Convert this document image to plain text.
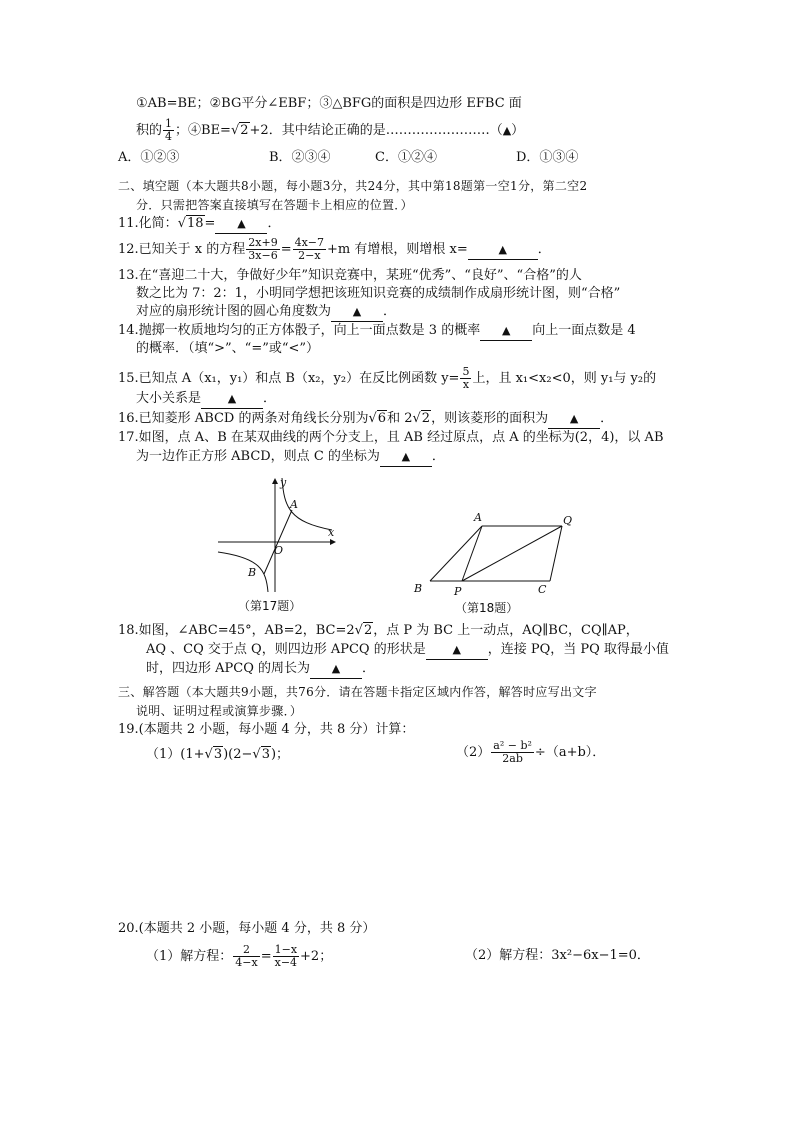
①AB=BE；②BG平分∠EBF；③△BFG的面积是四边形 EFBC 面
积的 $\frac{1}{4}$ ；④BE=√2+2．其中结论正确的是……………………（▲）
A．①②③	B．②③④	C．①②④	D．①③④
二、填空题（本大题共8小题，每小题3分，共24分，其中第18题第一空1分，第二空2
分．只需把答案直接填写在答题卡上相应的位置．）
11.化简：√18= ▲ ．
12.已知关于 x 的方程 $\frac{2x+9}{3x-6} = \frac{4x-7}{2-x} +m$ 有增根，则增根 x=	▲ ．
13.在“喜迎二十大，争做好少年”知识竞赛中，某班“优秀”、“良好”、“合格”的人
数之比为 7：2：1，小明同学想把该班知识竞赛的成绩制作成扇形统计图，则“合格”
对应的扇形统计图的圆心角度数为 ▲ ．
14.抛掷一枚质地均匀的正方体骰子，向上一面点数是 3 的概率 ▲ 向上一面点数是 4
的概率．（填“>”、“=”或“<”）
15.已知点 A（x₁，y₁）和点 B（x₂，y₂）在反比例函数 $y= \frac{5}{x}$ 上，且 x₁<x₂<0，则 y₁与 y₂的
大小关系是 ▲ ．
16.已知菱形 ABCD 的两条对角线长分别为√6和 2√2，则该菱形的面积为 ▲ ．
17.如图，点 A、B 在某双曲线的两个分支上，且 AB 经过原点，点 A 的坐标为(2，4)，以 AB
为一边作正方形 ABCD，则点 C 的坐标为 ▲ ．
y
x
O
A
B
（第17题）
A	Q
B	P	C
（第18题）
18.如图，∠ABC=45°，AB=2，BC=2√2，点 P 为 BC 上一动点，AQ∥BC，CQ∥AP，
AQ 、CQ 交于点 Q，则四边形 APCQ 的形状是 ▲ ，连接 PQ，当 PQ 取得最小值
时，四边形 APCQ 的周长为 ▲ ．
三、解答题（本大题共9小题，共76分．请在答题卡指定区域内作答，解答时应写出文字
说明、证明过程或演算步骤．）
19.(本题共 2 小题，每小题 4 分，共 8 分）计算：
（1）(1+√3)(2−√3)；	$(2) \frac{\text{a² − b²}}{2ab} \div(a+b)$．
20.(本题共 2 小题，每小题 4 分，共 8 分）
（1）解方程： $\frac{2}{4-x} = \frac{1-x}{x-4} +2$；	（2）解方程：3x²−6x−1=0．
